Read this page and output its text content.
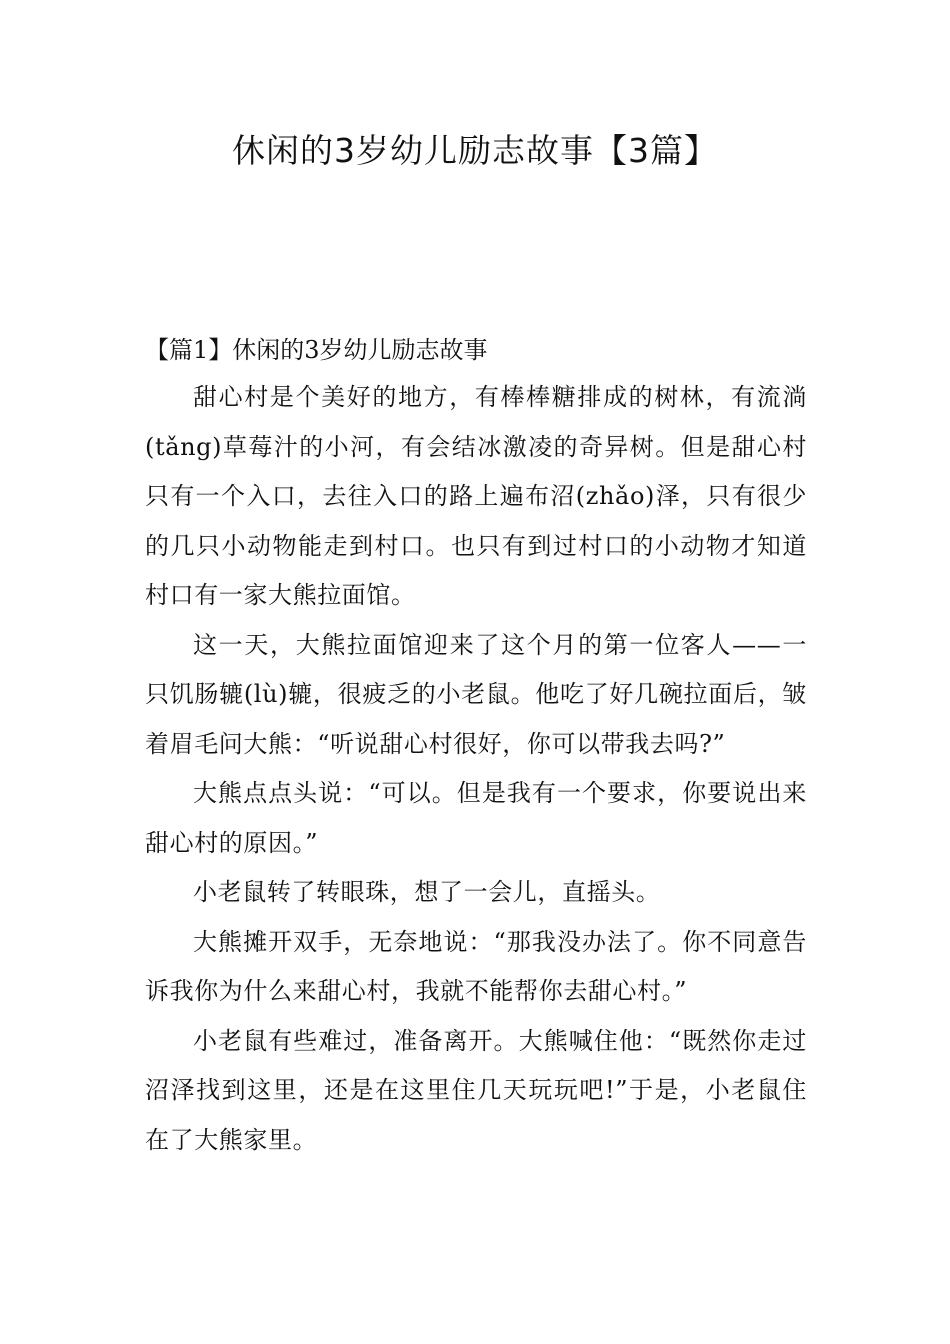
休闲的3岁幼儿励志故事【3篇】
【篇1】休闲的3岁幼儿励志故事

甜心村是个美好的地方，有棒棒糖排成的树林，有流淌(tǎng)草莓汁的小河，有会结冰激凌的奇异树。但是甜心村只有一个入口，去往入口的路上遍布沼(zhǎo)泽，只有很少的几只小动物能走到村口。也只有到过村口的小动物才知道村口有一家大熊拉面馆。

这一天，大熊拉面馆迎来了这个月的第一位客人——一只饥肠辘(lù)辘，很疲乏的小老鼠。他吃了好几碗拉面后，皱着眉毛问大熊：“听说甜心村很好，你可以带我去吗?”

大熊点点头说：“可以。但是我有一个要求，你要说出来甜心村的原因。”

小老鼠转了转眼珠，想了一会儿，直摇头。

大熊摊开双手，无奈地说：“那我没办法了。你不同意告诉我你为什么来甜心村，我就不能帮你去甜心村。”

小老鼠有些难过，准备离开。大熊喊住他：“既然你走过沼泽找到这里，还是在这里住几天玩玩吧!”于是，小老鼠住在了大熊家里。
